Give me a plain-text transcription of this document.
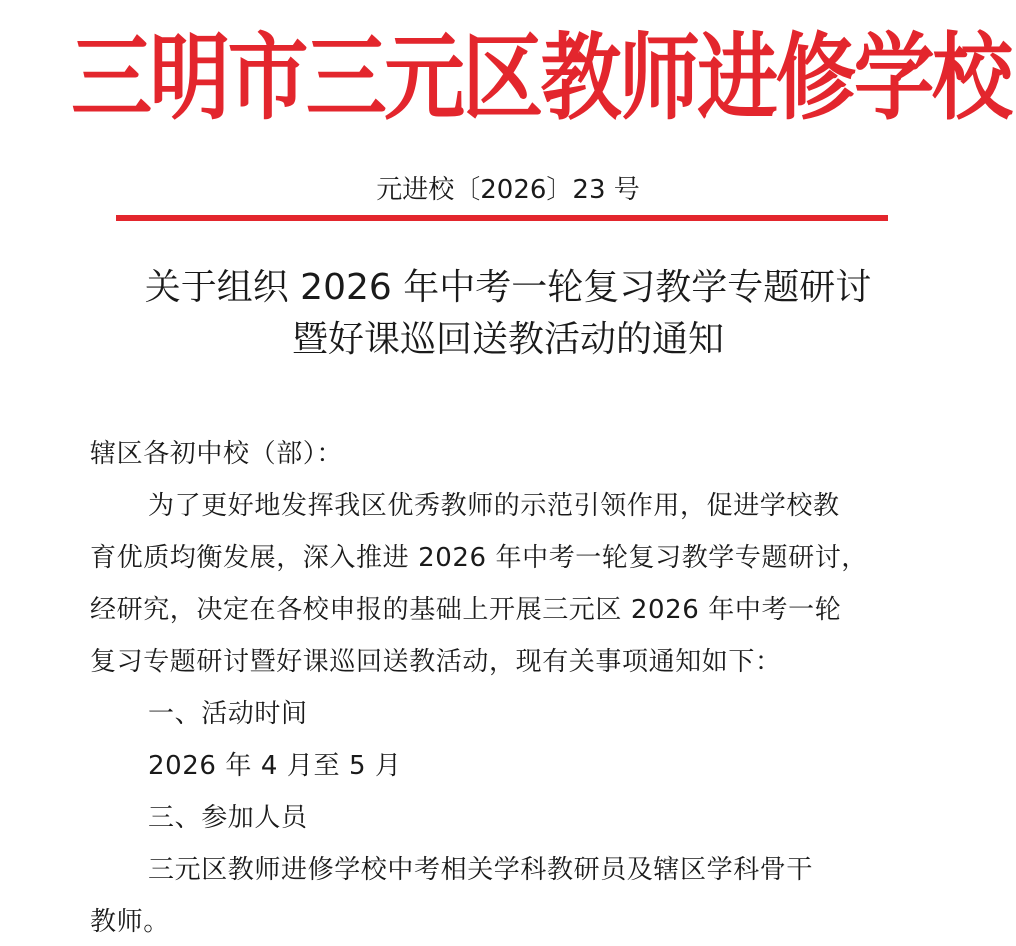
三明市三元区教师进修学校
元进校〔2026〕23 号
关于组织 2026 年中考一轮复习教学专题研讨
暨好课巡回送教活动的通知

辖区各初中校（部）：

为了更好地发挥我区优秀教师的示范引领作用，促进学校教

育优质均衡发展，深入推进 2026 年中考一轮复习教学专题研讨，

经研究，决定在各校申报的基础上开展三元区 2026 年中考一轮

复习专题研讨暨好课巡回送教活动，现有关事项通知如下：

一、活动时间

2026 年 4 月至 5 月

三、参加人员

三元区教师进修学校中考相关学科教研员及辖区学科骨干

教师。
